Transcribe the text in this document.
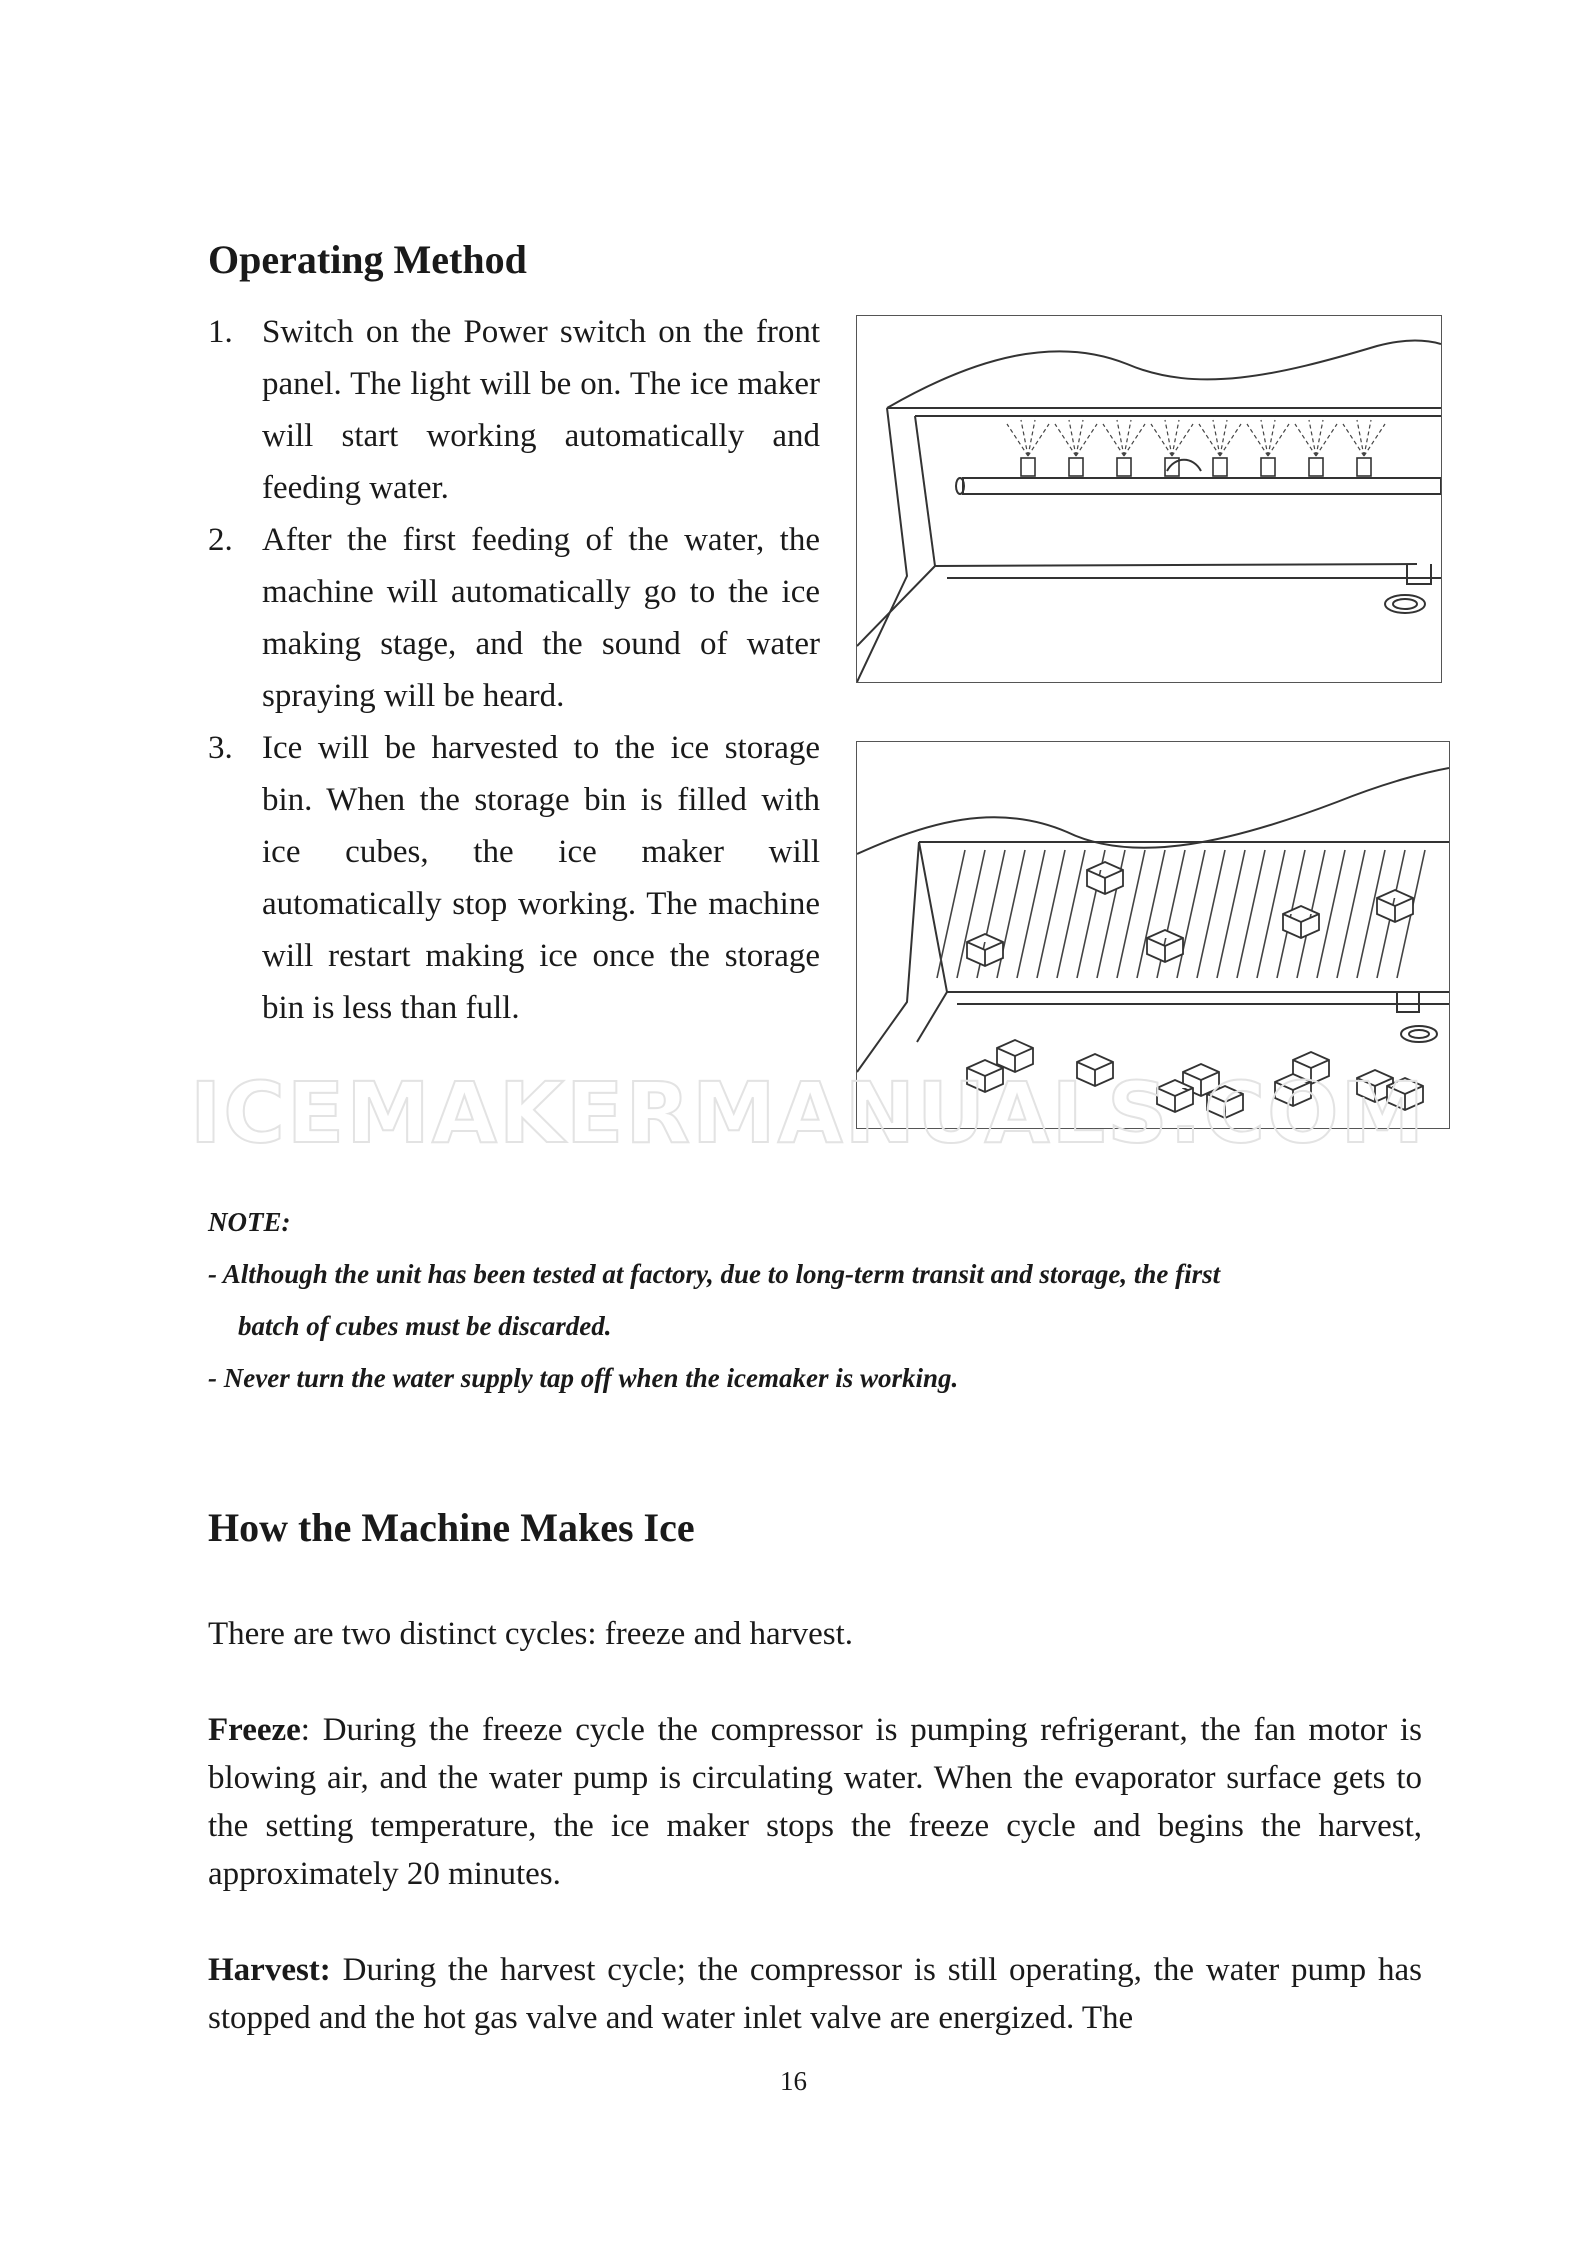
Operating Method
1. Switch on the Power switch on the front panel. The light will be on. The ice maker will start working automatically and feeding water.
2. After the first feeding of the water, the machine will automatically go to the ice making stage, and the sound of water spraying will be heard.
3. Ice will be harvested to the ice storage bin. When the storage bin is filled with ice cubes, the ice maker will automatically stop working. The machine will restart making ice once the storage bin is less than full.
ICEMAKERMANUALS.COM
NOTE:
- Although the unit has been tested at factory, due to long-term transit and storage, the first
batch of cubes must be discarded.
- Never turn the water supply tap off when the icemaker is working.
How the Machine Makes Ice

There are two distinct cycles: freeze and harvest.

Freeze: During the freeze cycle the compressor is pumping refrigerant, the fan motor is blowing air, and the water pump is circulating water. When the evaporator surface gets to the setting temperature, the ice maker stops the freeze cycle and begins the harvest, approximately 20 minutes.

Harvest: During the harvest cycle; the compressor is still operating, the water pump has stopped and the hot gas valve and water inlet valve are energized. The

16
